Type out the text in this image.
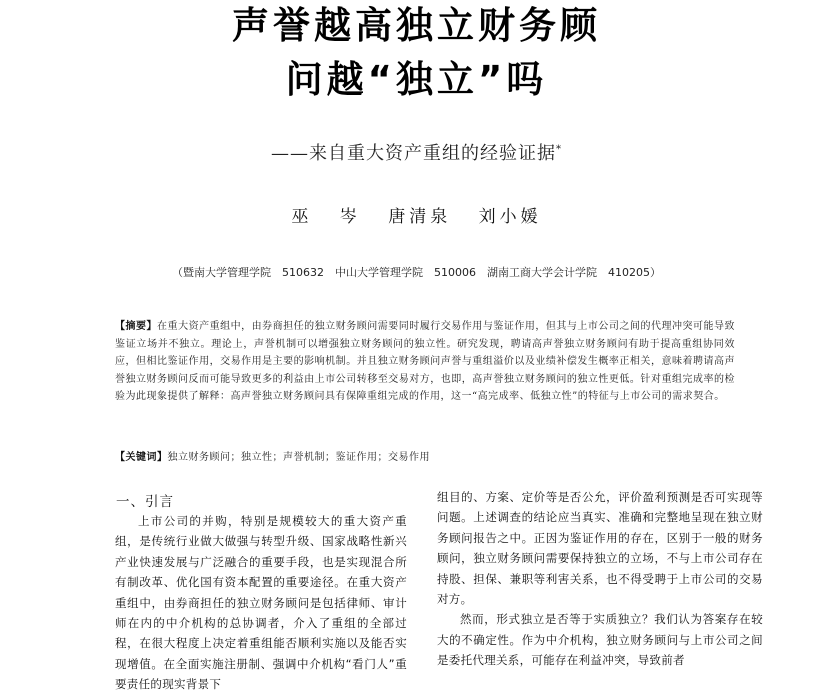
声誉越高独立财务顾
问越“独立”吗
——来自重大资产重组的经验证据*
巫 岑 唐清泉 刘小媛
（暨南大学管理学院　510632　中山大学管理学院　510006　湖南工商大学会计学院　410205）
【摘要】在重大资产重组中，由券商担任的独立财务顾问需要同时履行交易作用与鉴证作用，但其与上市公司之间的代理冲突可能导致鉴证立场并不独立。理论上，声誉机制可以增强独立财务顾问的独立性。研究发现，聘请高声誉独立财务顾问有助于提高重组协同效应，但相比鉴证作用，交易作用是主要的影响机制。并且独立财务顾问声誉与重组溢价以及业绩补偿发生概率正相关，意味着聘请高声誉独立财务顾问反而可能导致更多的利益由上市公司转移至交易对方，也即，高声誉独立财务顾问的独立性更低。针对重组完成率的检验为此现象提供了解释：高声誉独立财务顾问具有保障重组完成的作用，这一“高完成率、低独立性”的特征与上市公司的需求契合。
【关键词】独立财务顾问；独立性；声誉机制；鉴证作用；交易作用
一、引言
上市公司的并购，特别是规模较大的重大资产重组，是传统行业做大做强与转型升级、国家战略性新兴产业快速发展与广泛融合的重要手段，也是实现混合所有制改革、优化国有资本配置的重要途径。在重大资产重组中，由券商担任的独立财务顾问是包括律师、审计师在内的中介机构的总协调者，介入了重组的全部过程，在很大程度上决定着重组能否顺利实施以及能否实现增值。在全面实施注册制、强调中介机构“看门人”重要责任的现实背景下

组目的、方案、定价等是否公允，评价盈利预测是否可实现等问题。上述调查的结论应当真实、准确和完整地呈现在独立财务顾问报告之中。正因为鉴证作用的存在，区别于一般的财务顾问，独立财务顾问需要保持独立的立场，不与上市公司存在持股、担保、兼职等利害关系，也不得受聘于上市公司的交易对方。

然而，形式独立是否等于实质独立？我们认为答案存在较大的不确定性。作为中介机构，独立财务顾问与上市公司之间是委托代理关系，可能存在利益冲突，导致前者
